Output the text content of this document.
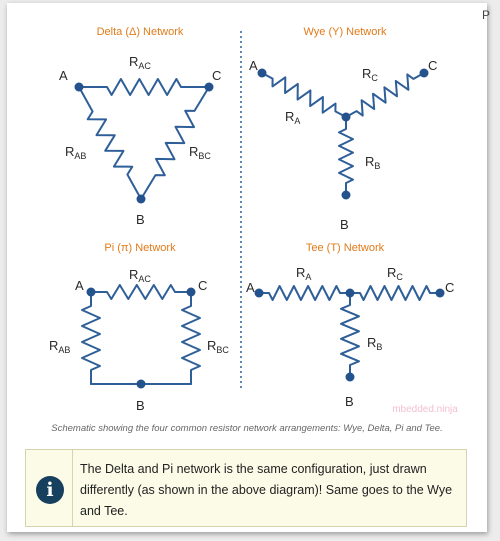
Delta (Δ) Network	Wye (Y) Network
Pi (π) Network	Tee (T) Network
A	C
B
$R_{AC}$
$R_{AB}$	$R_{BC}$
A	C
B
$R_A$
$R_C$
$R_B$
A	C
B
$R_{AC}$
$R_{AB}$	$R_{BC}$
A	C
B
$R_A$	$R_C$
$R_B$
mbedded.ninja
Schematic showing the four common resistor network arrangements: Wye, Delta, Pi and Tee.
i
The Delta and Pi network is the same configuration, just drawn differently (as shown in the above diagram)! Same goes to the Wye and Tee.
P
